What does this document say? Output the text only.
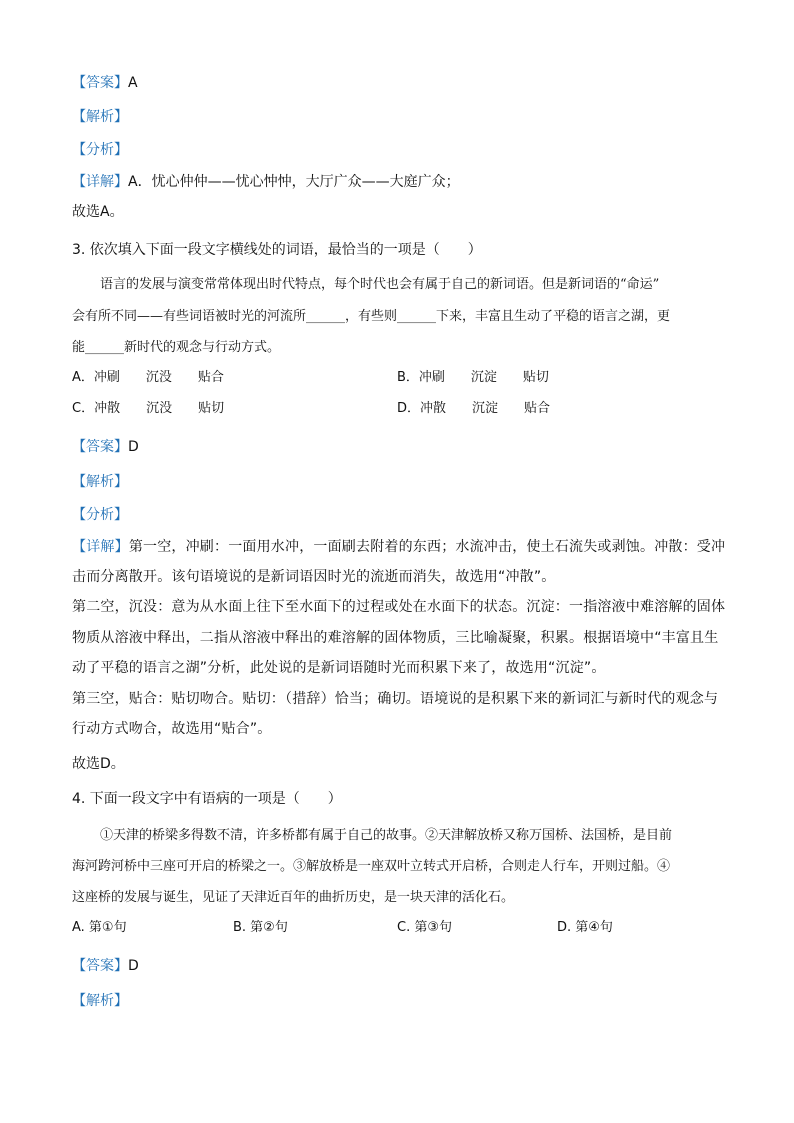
【答案】A
【解析】
【分析】
【详解】A．忧心仲仲——忧心忡忡，大厅广众——大庭广众；
故选A。
3. 依次填入下面一段文字横线处的词语，最恰当的一项是（　　）
语言的发展与演变常常体现出时代特点，每个时代也会有属于自己的新词语。但是新词语的“命运”
会有所不同——有些词语被时光的河流所______，有些则______下来，丰富且生动了平稳的语言之湖，更
能______新时代的观念与行动方式。
A．冲刷　　沉没　　贴合	B．冲刷　　沉淀　　贴切
C．冲散　　沉没　　贴切	D．冲散　　沉淀　　贴合
【答案】D
【解析】
【分析】
【详解】第一空，冲刷：一面用水冲，一面刷去附着的东西；水流冲击，使土石流失或剥蚀。冲散：受冲
击而分离散开。该句语境说的是新词语因时光的流逝而消失，故选用“冲散”。
第二空，沉没：意为从水面上往下至水面下的过程或处在水面下的状态。沉淀：一指溶液中难溶解的固体
物质从溶液中释出，二指从溶液中释出的难溶解的固体物质，三比喻凝聚，积累。根据语境中“丰富且生
动了平稳的语言之湖”分析，此处说的是新词语随时光而积累下来了，故选用“沉淀”。
第三空，贴合：贴切吻合。贴切：（措辞）恰当；确切。语境说的是积累下来的新词汇与新时代的观念与
行动方式吻合，故选用“贴合”。
故选D。
4. 下面一段文字中有语病的一项是（　　）
①天津的桥梁多得数不清，许多桥都有属于自己的故事。②天津解放桥又称万国桥、法国桥，是目前
海河跨河桥中三座可开启的桥梁之一。③解放桥是一座双叶立转式开启桥，合则走人行车，开则过船。④
这座桥的发展与诞生，见证了天津近百年的曲折历史，是一块天津的活化石。
A. 第①句	B. 第②句	C. 第③句	D. 第④句
【答案】D
【解析】
